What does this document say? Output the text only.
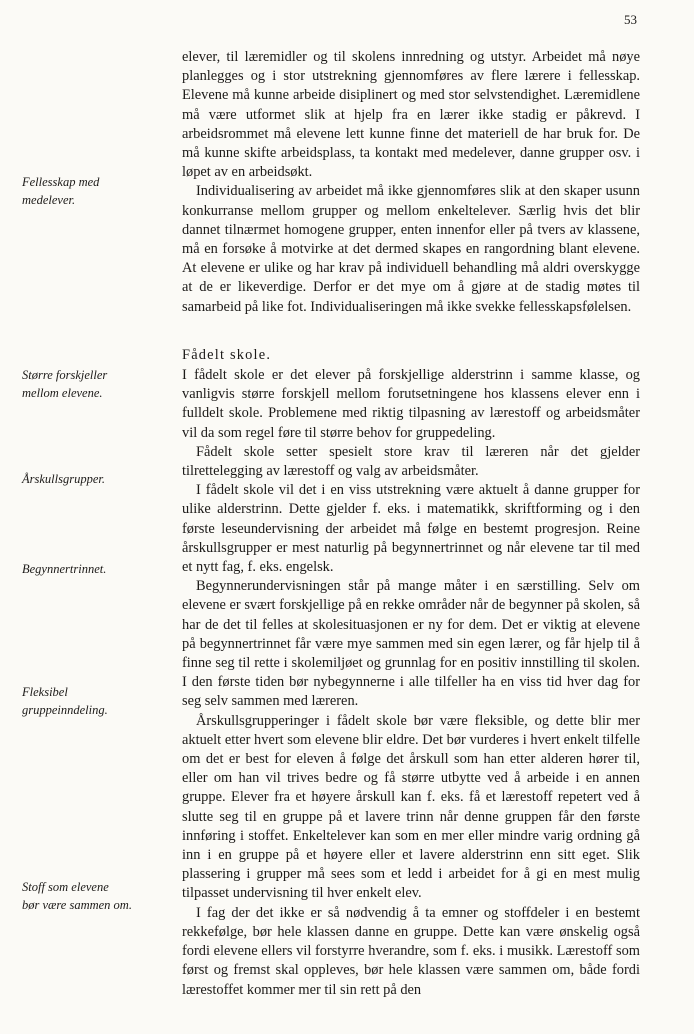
53
Fellesskap med
medelever.
Større forskjeller
mellom elevene.
Årskullsgrupper.
Begynnertrinnet.
Fleksibel
gruppeinndeling.
Stoff som elevene
bør være sammen om.

elever, til læremidler og til skolens innredning og utstyr. Arbeidet må nøye planlegges og i stor utstrekning gjennomføres av flere lærere i fellesskap. Elevene må kunne arbeide disiplinert og med stor selvstendighet. Læremidlene må være utformet slik at hjelp fra en lærer ikke stadig er påkrevd. I arbeidsrommet må elevene lett kunne finne det materiell de har bruk for. De må kunne skifte arbeidsplass, ta kontakt med medelever, danne grupper osv. i løpet av en arbeidsøkt.

Individualisering av arbeidet må ikke gjennomføres slik at den skaper usunn konkurranse mellom grupper og mellom enkeltelever. Særlig hvis det blir dannet tilnærmet homogene grupper, enten innenfor eller på tvers av klassene, må en forsøke å motvirke at det dermed skapes en rangordning blant elevene. At elevene er ulike og har krav på individuell behandling må aldri overskygge at de er likeverdige. Derfor er det mye om å gjøre at de stadig møtes til samarbeid på like fot. Individualiseringen må ikke svekke fellesskapsfølelsen.

Fådelt skole.

I fådelt skole er det elever på forskjellige alderstrinn i samme klasse, og vanligvis større forskjell mellom forutsetningene hos klassens elever enn i fulldelt skole. Problemene med riktig tilpasning av lærestoff og arbeidsmåter vil da som regel føre til større behov for gruppedeling.

Fådelt skole setter spesielt store krav til læreren når det gjelder tilrettelegging av lærestoff og valg av arbeidsmåter.

I fådelt skole vil det i en viss utstrekning være aktuelt å danne grupper for ulike alderstrinn. Dette gjelder f. eks. i matematikk, skriftforming og i den første leseundervisning der arbeidet må følge en bestemt progresjon. Reine årskullsgrupper er mest naturlig på begynnertrinnet og når elevene tar til med et nytt fag, f. eks. engelsk.

Begynnerundervisningen står på mange måter i en særstilling. Selv om elevene er svært forskjellige på en rekke områder når de begynner på skolen, så har de det til felles at skolesituasjonen er ny for dem. Det er viktig at elevene på begynnertrinnet får være mye sammen med sin egen lærer, og får hjelp til å finne seg til rette i skolemiljøet og grunnlag for en positiv innstilling til skolen. I den første tiden bør nybegynnerne i alle tilfeller ha en viss tid hver dag for seg selv sammen med læreren.

Årskullsgrupperinger i fådelt skole bør være fleksible, og dette blir mer aktuelt etter hvert som elevene blir eldre. Det bør vurderes i hvert enkelt tilfelle om det er best for eleven å følge det årskull som han etter alderen hører til, eller om han vil trives bedre og få større utbytte ved å arbeide i en annen gruppe. Elever fra et høyere årskull kan f. eks. få et lærestoff repetert ved å slutte seg til en gruppe på et lavere trinn når denne gruppen får den første innføring i stoffet. Enkeltelever kan som en mer eller mindre varig ordning gå inn i en gruppe på et høyere eller et lavere alderstrinn enn sitt eget. Slik plassering i grupper må sees som et ledd i arbeidet for å gi en mest mulig tilpasset undervisning til hver enkelt elev.

I fag der det ikke er så nødvendig å ta emner og stoffdeler i en bestemt rekkefølge, bør hele klassen danne en gruppe. Dette kan være ønskelig også fordi elevene ellers vil forstyrre hverandre, som f. eks. i musikk. Lærestoff som først og fremst skal oppleves, bør hele klassen være sammen om, både fordi lærestoffet kommer mer til sin rett på den
